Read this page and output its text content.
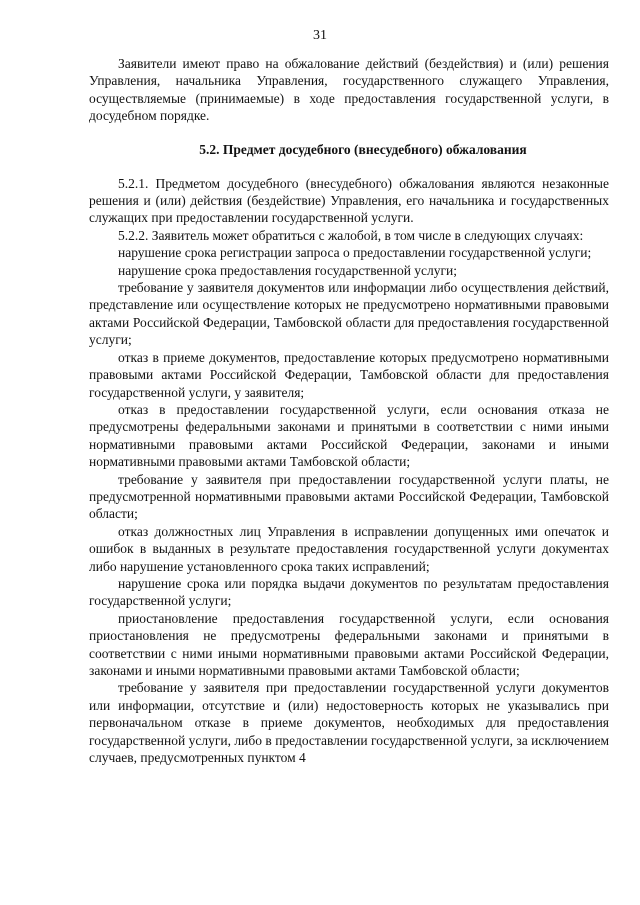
31

Заявители имеют право на обжалование действий (бездействия) и (или) решения Управления, начальника Управления, государственного служащего Управления, осуществляемые (принимаемые) в ходе предоставления государственной услуги, в досудебном порядке.

5.2. Предмет досудебного (внесудебного) обжалования

5.2.1. Предметом досудебного (внесудебного) обжалования являются незаконные решения и (или) действия (бездействие) Управления, его начальника и государственных служащих при предоставлении государственной услуги.

5.2.2. Заявитель может обратиться с жалобой, в том числе в следующих случаях:

нарушение срока регистрации запроса о предоставлении государственной услуги;

нарушение срока предоставления государственной услуги;

требование у заявителя документов или информации либо осуществления действий, представление или осуществление которых не предусмотрено нормативными правовыми актами Российской Федерации, Тамбовской области для предоставления государственной услуги;

отказ в приеме документов, предоставление которых предусмотрено нормативными правовыми актами Российской Федерации, Тамбовской области для предоставления государственной услуги, у заявителя;

отказ в предоставлении государственной услуги, если основания отказа не предусмотрены федеральными законами и принятыми в соответствии с ними иными нормативными правовыми актами Российской Федерации, законами и иными нормативными правовыми актами Тамбовской области;

требование у заявителя при предоставлении государственной услуги платы, не предусмотренной нормативными правовыми актами Российской Федерации, Тамбовской области;

отказ должностных лиц Управления в исправлении допущенных ими опечаток и ошибок в выданных в результате предоставления государственной услуги документах либо нарушение установленного срока таких исправлений;

нарушение срока или порядка выдачи документов по результатам предоставления государственной услуги;

приостановление предоставления государственной услуги, если основания приостановления не предусмотрены федеральными законами и принятыми в соответствии с ними иными нормативными правовыми актами Российской Федерации, законами и иными нормативными правовыми актами Тамбовской области;

требование у заявителя при предоставлении государственной услуги документов или информации, отсутствие и (или) недостоверность которых не указывались при первоначальном отказе в приеме документов, необходимых для предоставления государственной услуги, либо в предоставлении государственной услуги, за исключением случаев, предусмотренных пунктом 4
